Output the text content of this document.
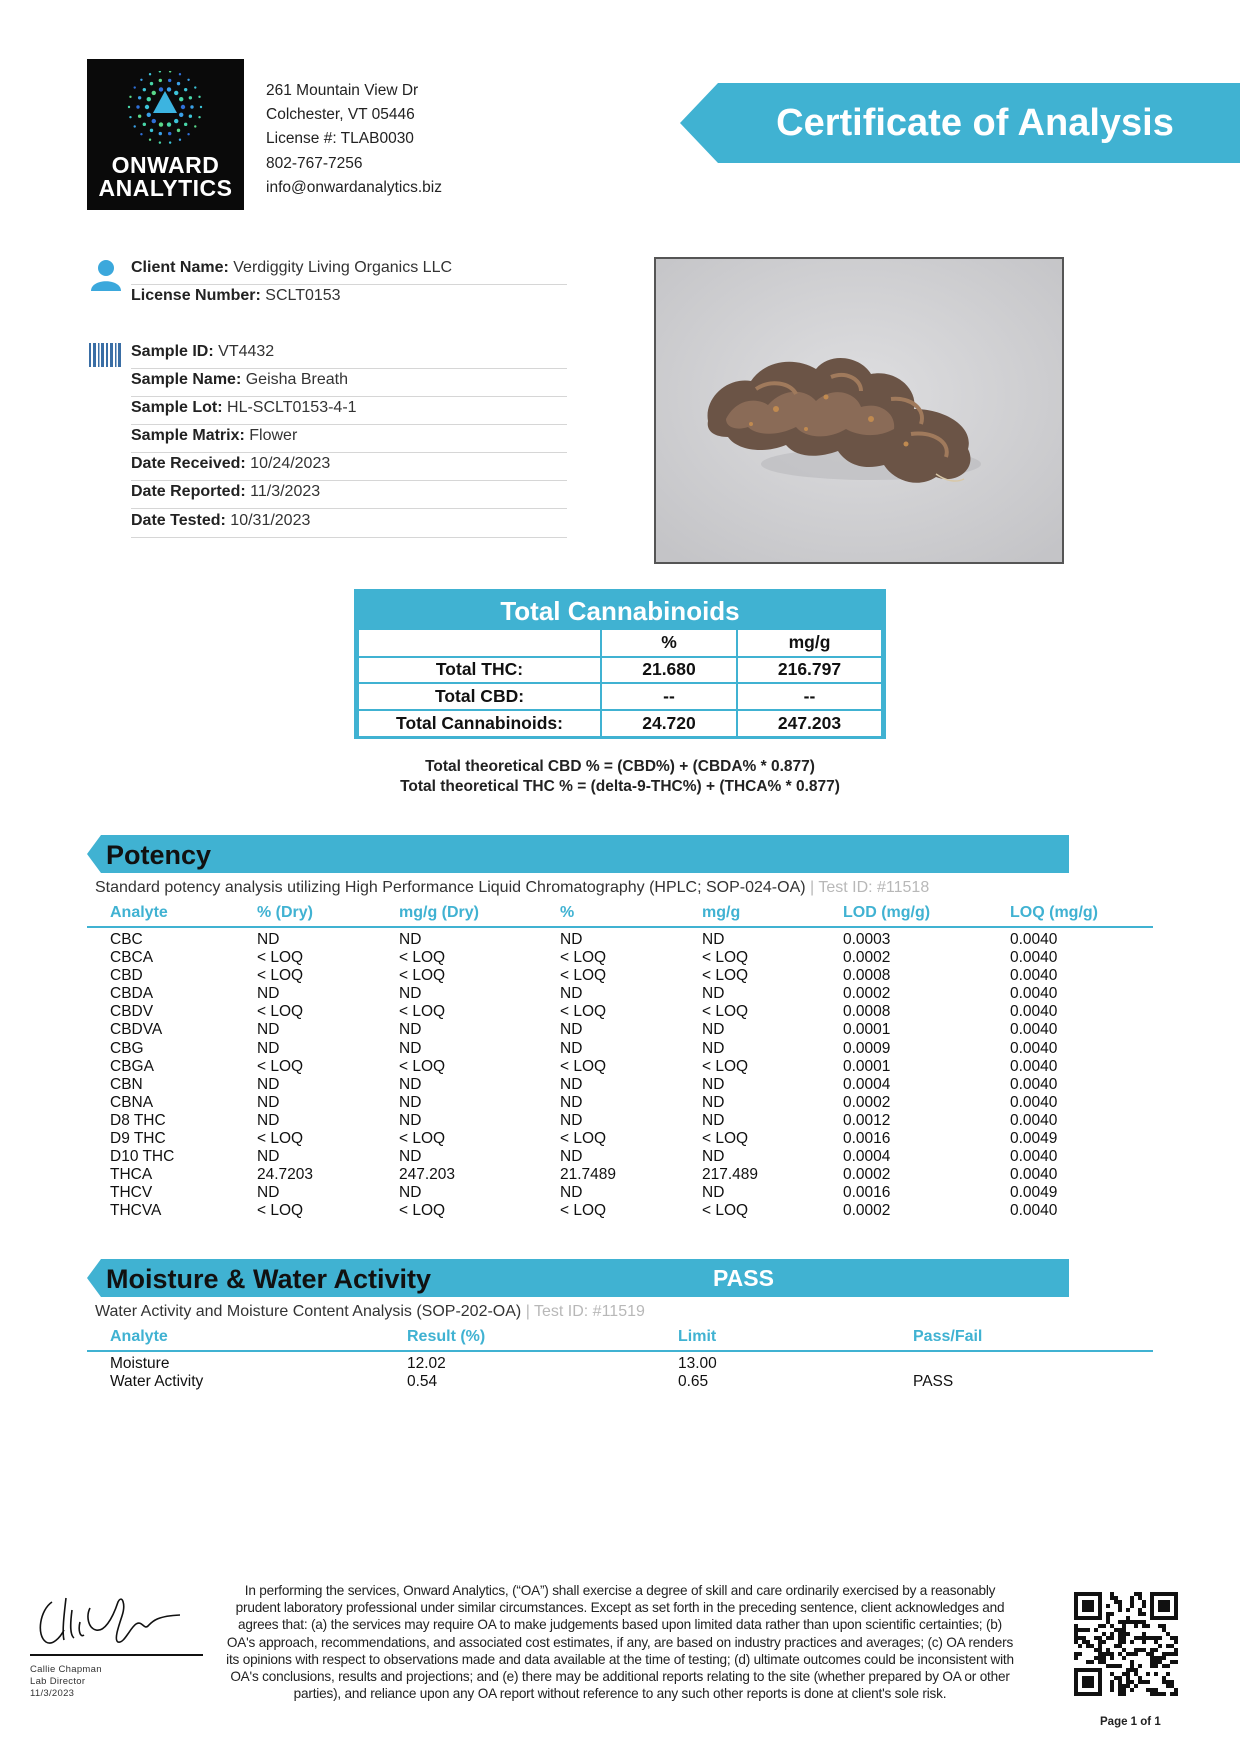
ONWARD
ANALYTICS
261 Mountain View Dr
Colchester, VT 05446
License #: TLAB0030
802-767-7256
info@onwardanalytics.biz
Certificate of Analysis
Client Name: Verdiggity Living Organics LLC
License Number: SCLT0153
Sample ID: VT4432
Sample Name: Geisha Breath
Sample Lot: HL-SCLT0153-4-1
Sample Matrix: Flower
Date Received: 10/24/2023
Date Reported: 11/3/2023
Date Tested: 10/31/2023
Total Cannabinoids
	%	mg/g
Total THC:	21.680	216.797
Total CBD:	--	--
Total Cannabinoids:	24.720	247.203
Total theoretical CBD % = (CBD%) + (CBDA% * 0.877)
Total theoretical THC % = (delta-9-THC%) + (THCA% * 0.877)
Potency
Standard potency analysis utilizing High Performance Liquid Chromatography (HPLC; SOP-024-OA) | Test ID: #11518
Analyte	% (Dry)	mg/g (Dry)	%	mg/g	LOD (mg/g)	LOQ (mg/g)
CBC	ND	ND	ND	ND	0.0003	0.0040
CBCA	< LOQ	< LOQ	< LOQ	< LOQ	0.0002	0.0040
CBD	< LOQ	< LOQ	< LOQ	< LOQ	0.0008	0.0040
CBDA	ND	ND	ND	ND	0.0002	0.0040
CBDV	< LOQ	< LOQ	< LOQ	< LOQ	0.0008	0.0040
CBDVA	ND	ND	ND	ND	0.0001	0.0040
CBG	ND	ND	ND	ND	0.0009	0.0040
CBGA	< LOQ	< LOQ	< LOQ	< LOQ	0.0001	0.0040
CBN	ND	ND	ND	ND	0.0004	0.0040
CBNA	ND	ND	ND	ND	0.0002	0.0040
D8 THC	ND	ND	ND	ND	0.0012	0.0040
D9 THC	< LOQ	< LOQ	< LOQ	< LOQ	0.0016	0.0049
D10 THC	ND	ND	ND	ND	0.0004	0.0040
THCA	24.7203	247.203	21.7489	217.489	0.0002	0.0040
THCV	ND	ND	ND	ND	0.0016	0.0049
THCVA	< LOQ	< LOQ	< LOQ	< LOQ	0.0002	0.0040
Moisture & Water Activity	PASS
Water Activity and Moisture Content Analysis (SOP-202-OA) | Test ID: #11519
Analyte	Result (%)	Limit	Pass/Fail
Moisture	12.02	13.00
Water Activity	0.54	0.65	PASS
Callie Chapman
Lab Director
11/3/2023
In performing the services, Onward Analytics, (“OA”) shall exercise a degree of skill and care ordinarily exercised by a reasonably prudent laboratory professional under similar circumstances. Except as set forth in the preceding sentence, client acknowledges and agrees that: (a) the services may require OA to make judgements based upon limited data rather than upon scientific certainties; (b) OA's approach, recommendations, and associated cost estimates, if any, are based on industry practices and averages; (c) OA renders its opinions with respect to observations made and data available at the time of testing; (d) ultimate outcomes could be inconsistent with OA's conclusions, results and projections; and (e) there may be additional reports relating to the site (whether prepared by OA or other parties), and reliance upon any OA report without reference to any such other reports is done at client's sole risk.
Page 1 of 1
